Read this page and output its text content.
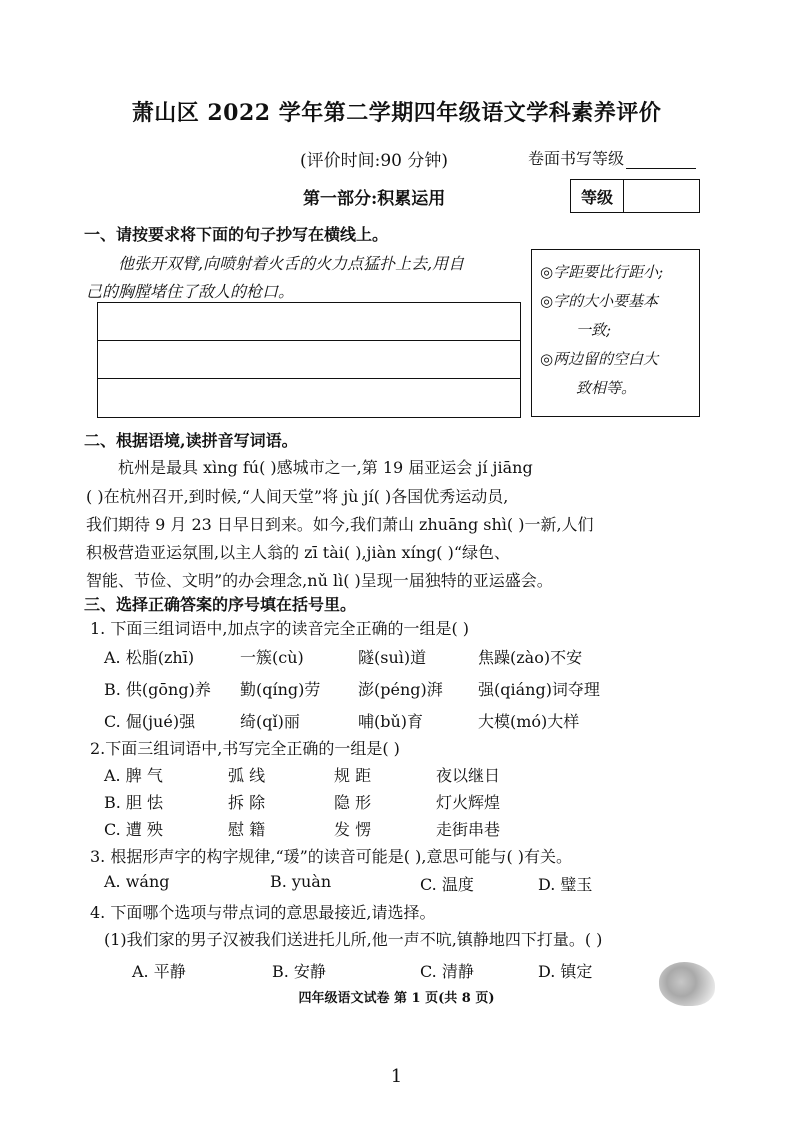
萧山区 2022 学年第二学期四年级语文学科素养评价
(评价时间:90 分钟)	卷面书写等级
第一部分:积累运用	等级
一、请按要求将下面的句子抄写在横线上。
他张开双臂,向喷射着火舌的火力点猛扑上去,用自
己的胸膛堵住了敌人的枪口。
◎字距要比行距小;
◎字的大小要基本
一致;
◎两边留的空白大
致相等。
二、根据语境,读拼音写词语。
杭州是最具 xìng fú( )感城市之一,第 19 届亚运会 jí jiāng
( )在杭州召开,到时候,“人间天堂”将 jù jí( )各国优秀运动员,
我们期待 9 月 23 日早日到来。如今,我们萧山 zhuāng shì( )一新,人们
积极营造亚运氛围,以主人翁的 zī tài( ),jiàn xíng( )“绿色、
智能、节俭、文明”的办会理念,nǔ lì( )呈现一届独特的亚运盛会。
三、选择正确答案的序号填在括号里。
1. 下面三组词语中,加点字的读音完全正确的一组是( )
A. 松脂(zhī)	一簇(cù)	隧(suì)道	焦躁(zào)不安
B. 供(gōng)养 勤(qíng)劳 澎(péng)湃 强(qiáng)词夺理
C. 倔(jué)强	绮(qǐ)丽	哺(bǔ)育	大模(mó)大样
2.下面三组词语中,书写完全正确的一组是( )
A. 脾 气	弧 线	规 距	夜以继日
B. 胆 怯	拆 除	隐 形	灯火辉煌
C. 遭 殃	慰 籍	发 愣	走街串巷
3. 根据形声字的构字规律,“瑗”的读音可能是( ),意思可能与( )有关。
A. wáng	B. yuàn	C. 温度	D. 璧玉
4. 下面哪个选项与带点词的意思最接近,请选择。
(1)我们家的男子汉被我们送进托儿所,他一声不吭,镇静地四下打量。( )
A. 平静	B. 安静	C. 清静	D. 镇定
四年级语文试卷 第 1 页(共 8 页)
1
